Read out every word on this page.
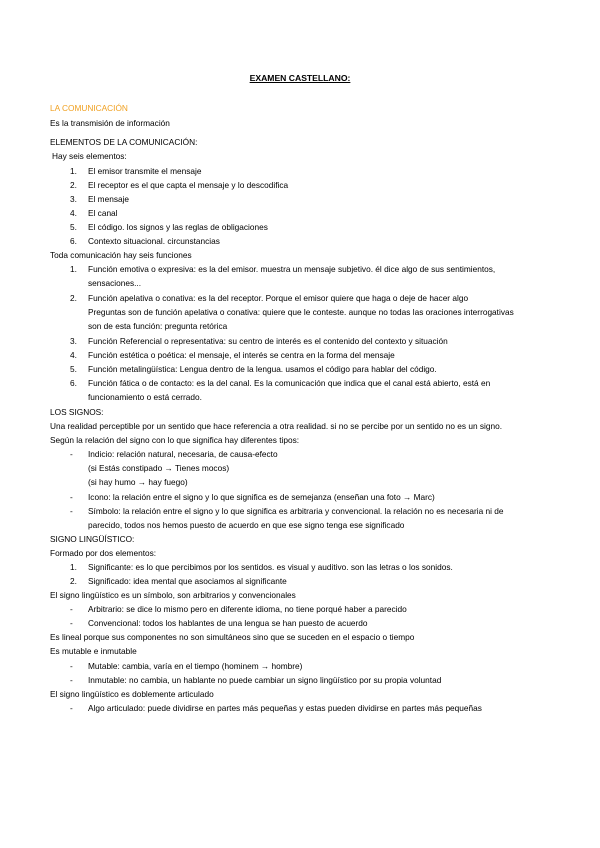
EXAMEN CASTELLANO:
LA COMUNICACIÓN
Es la transmisión de información
ELEMENTOS DE LA COMUNICACIÓN:
Hay seis elementos:
1. El emisor transmite el mensaje
2. El receptor es el que capta el mensaje y lo descodifica
3. El mensaje
4. El canal
5. El código. los signos y las reglas de obligaciones
6. Contexto situacional. circunstancias
Toda comunicación hay seis funciones
1. Función emotiva o expresiva: es la del emisor. muestra un mensaje subjetivo. él dice algo de sus sentimientos,
sensaciones...
2. Función apelativa o conativa: es la del receptor. Porque el emisor quiere que haga o deje de hacer algo
Preguntas son de función apelativa o conativa: quiere que le conteste. aunque no todas las oraciones interrogativas
son de esta función: pregunta retórica
3. Función Referencial o representativa: su centro de interés es el contenido del contexto y situación
4. Función estética o poética: el mensaje, el interés se centra en la forma del mensaje
5. Función metalingüística: Lengua dentro de la lengua. usamos el código para hablar del código.
6. Función fática o de contacto: es la del canal. Es la comunicación que indica que el canal está abierto, está en
funcionamiento o está cerrado.
LOS SIGNOS:
Una realidad perceptible por un sentido que hace referencia a otra realidad. si no se percibe por un sentido no es un signo.
Según la relación del signo con lo que significa hay diferentes tipos:
- Indicio: relación natural, necesaria, de causa-efecto
(si Estás constipado → Tienes mocos)
(si hay humo → hay fuego)
- Icono: la relación entre el signo y lo que significa es de semejanza (enseñan una foto → Marc)
- Símbolo: la relación entre el signo y lo que significa es arbitraria y convencional. la relación no es necesaria ni de
parecido, todos nos hemos puesto de acuerdo en que ese signo tenga ese significado
SIGNO LINGÜÍSTICO:
Formado por dos elementos:
1. Significante: es lo que percibimos por los sentidos. es visual y auditivo. son las letras o los sonidos.
2. Significado: idea mental que asociamos al significante
El signo lingüístico es un símbolo, son arbitrarios y convencionales
- Arbitrario: se dice lo mismo pero en diferente idioma, no tiene porqué haber a parecido
- Convencional: todos los hablantes de una lengua se han puesto de acuerdo
Es lineal porque sus componentes no son simultáneos sino que se suceden en el espacio o tiempo
Es mutable e inmutable
- Mutable: cambia, varía en el tiempo (hominem → hombre)
- Inmutable: no cambia, un hablante no puede cambiar un signo lingüístico por su propia voluntad
El signo lingüístico es doblemente articulado
- Algo articulado: puede dividirse en partes más pequeñas y estas pueden dividirse en partes más pequeñas
